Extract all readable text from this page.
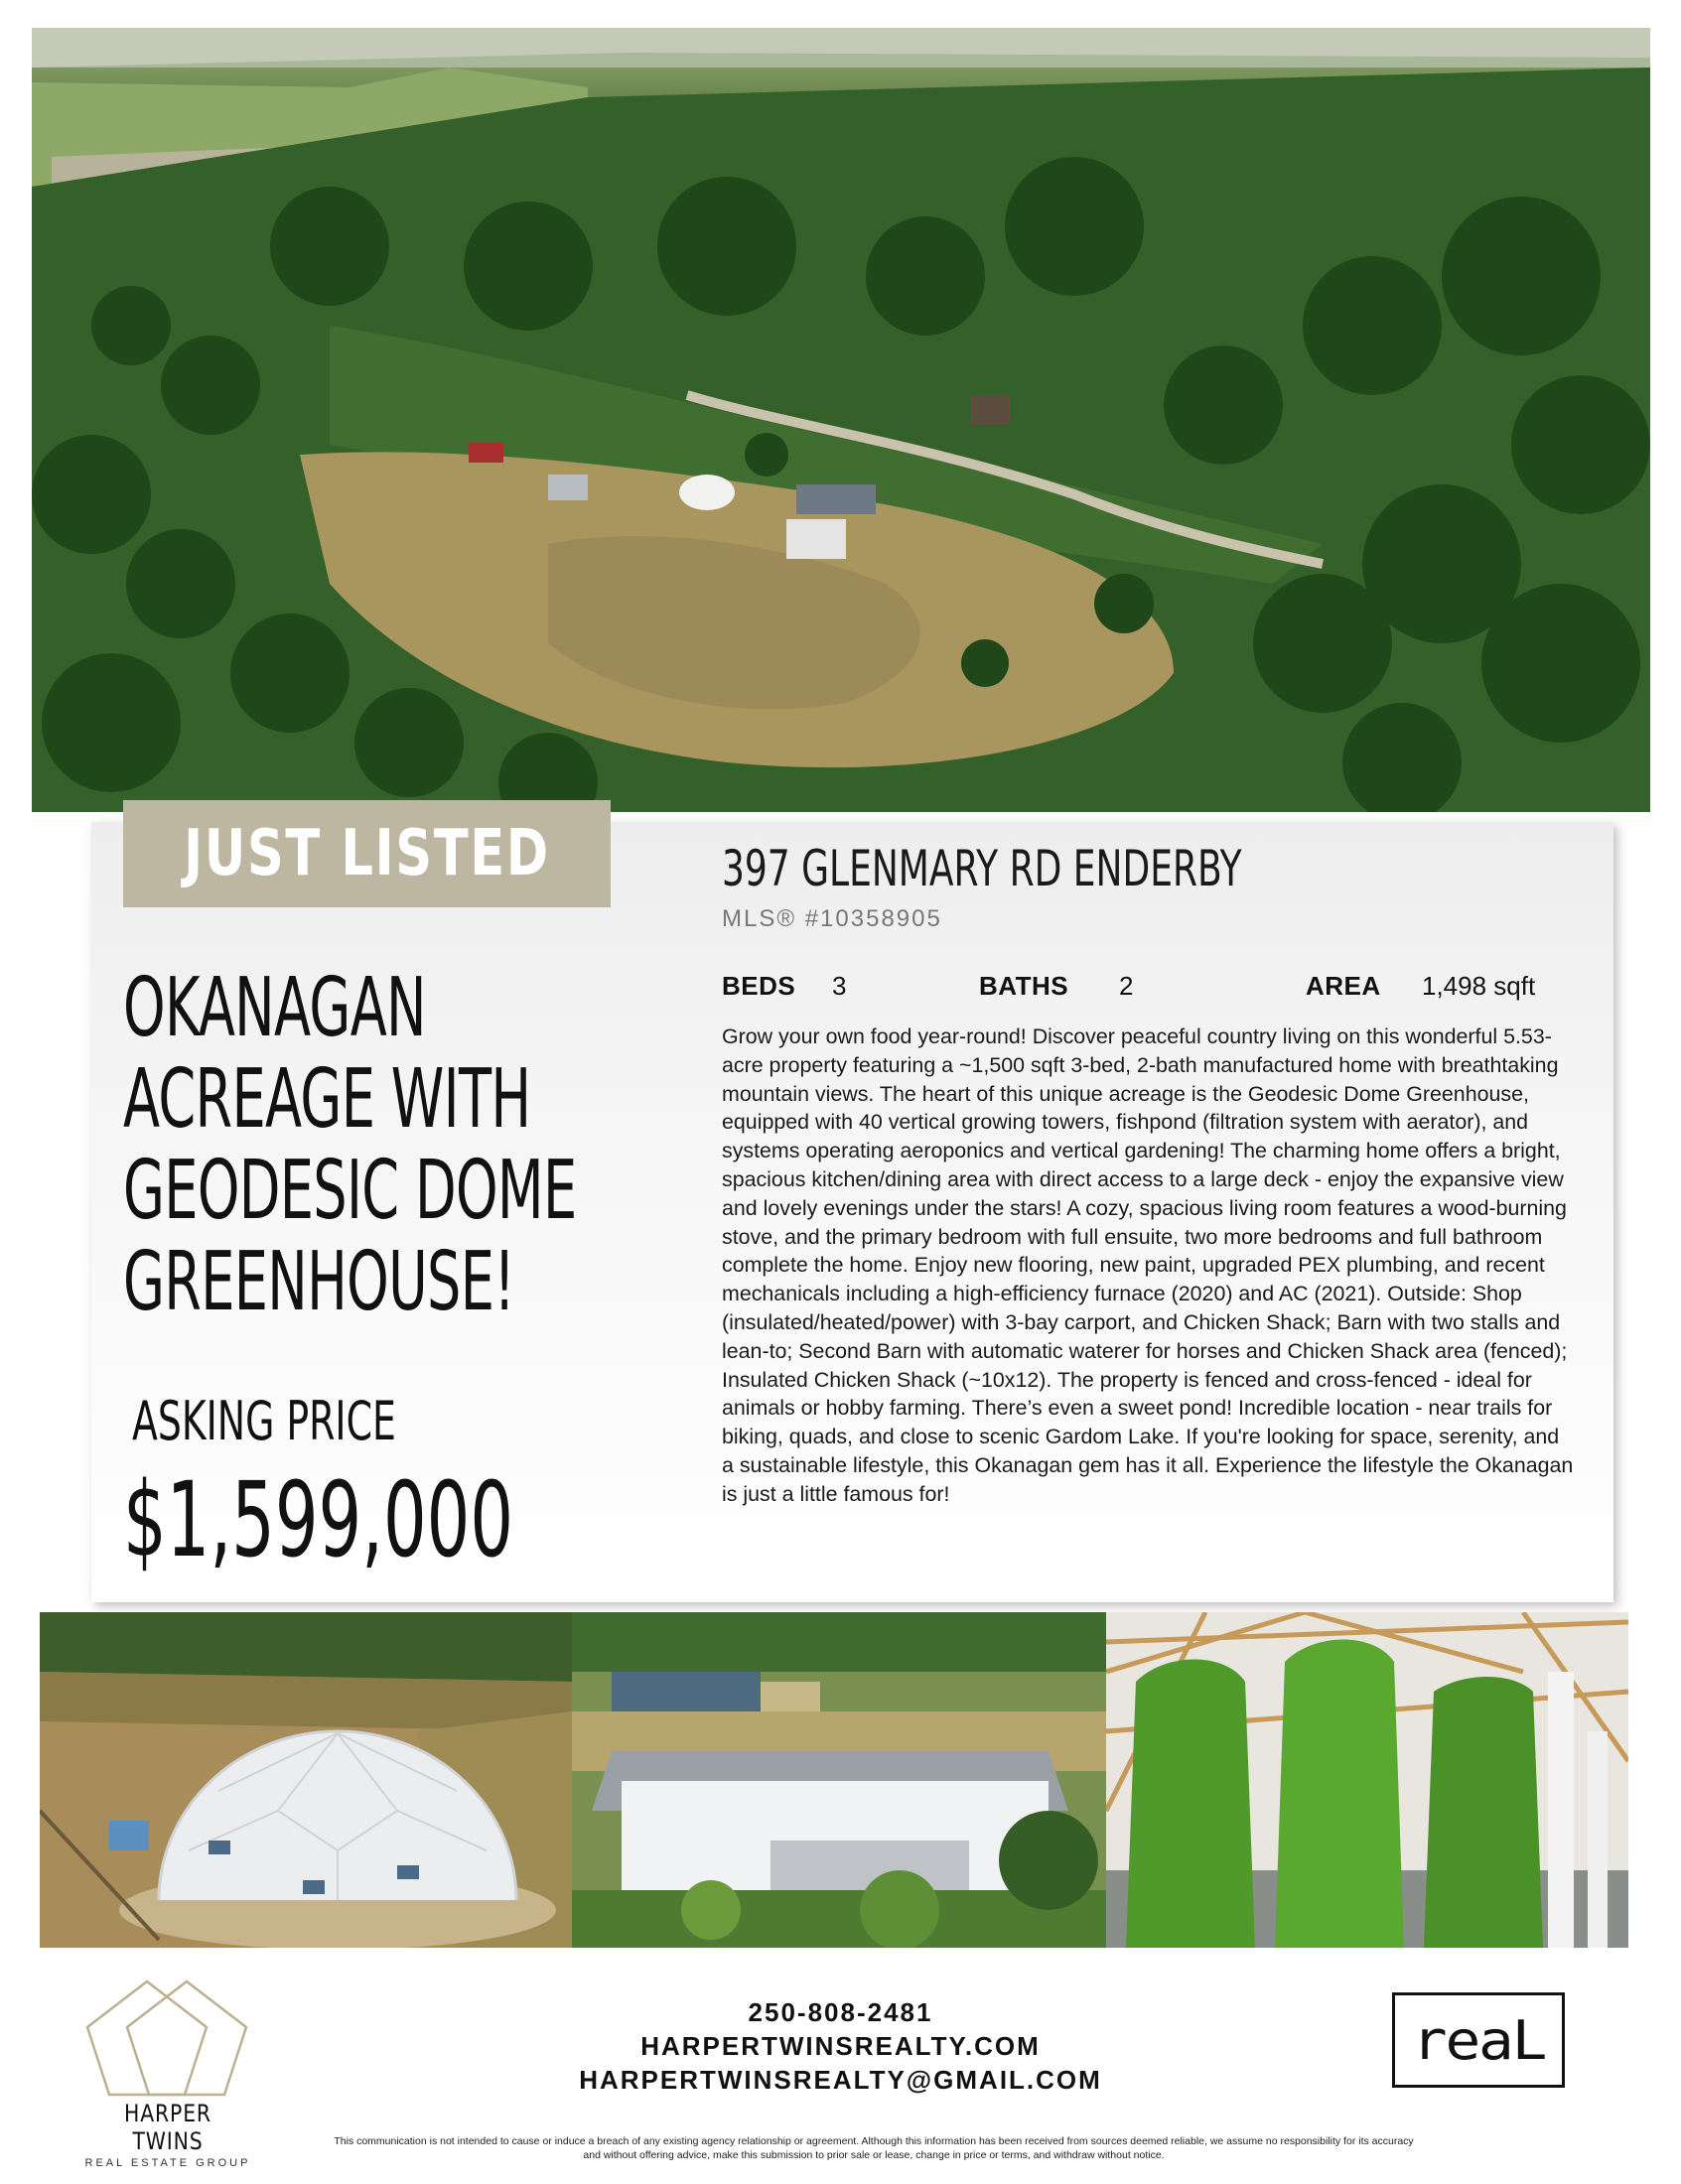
JUST LISTED
OKANAGAN
ACREAGE WITH
GEODESIC DOME
GREENHOUSE!
ASKING PRICE
$1,599,000
397 GLENMARY RD ENDERBY
MLS® #10358905
BEDS 3	BATHS 2	AREA 1,498 sqft
Grow your own food year-round! Discover peaceful country living on this wonderful 5.53-acre property featuring a ~1,500 sqft 3-bed, 2-bath manufactured home with breathtaking mountain views. The heart of this unique acreage is the Geodesic Dome Greenhouse, equipped with 40 vertical growing towers, fishpond (filtration system with aerator), and systems operating aeroponics and vertical gardening! The charming home offers a bright, spacious kitchen/dining area with direct access to a large deck - enjoy the expansive view and lovely evenings under the stars! A cozy, spacious living room features a wood-burning stove, and the primary bedroom with full ensuite, two more bedrooms and full bathroom complete the home. Enjoy new flooring, new paint, upgraded PEX plumbing, and recent mechanicals including a high-efficiency furnace (2020) and AC (2021). Outside: Shop (insulated/heated/power) with 3-bay carport, and Chicken Shack; Barn with two stalls and lean-to; Second Barn with automatic waterer for horses and Chicken Shack area (fenced); Insulated Chicken Shack (~10x12). The property is fenced and cross-fenced - ideal for animals or hobby farming. There’s even a sweet pond! Incredible location - near trails for biking, quads, and close to scenic Gardom Lake. If you're looking for space, serenity, and a sustainable lifestyle, this Okanagan gem has it all. Experience the lifestyle the Okanagan is just a little famous for!
HARPER TWINS
REAL ESTATE GROUP
250-808-2481
HARPERTWINSREALTY.COM
HARPERTWINSREALTY@GMAIL.COM
This communication is not intended to cause or induce a breach of any existing agency relationship or agreement. Although this information has been received from sources deemed reliable, we assume no responsibility for its accuracy and without offering advice, make this submission to prior sale or lease, change in price or terms, and withdraw without notice.
reaL
